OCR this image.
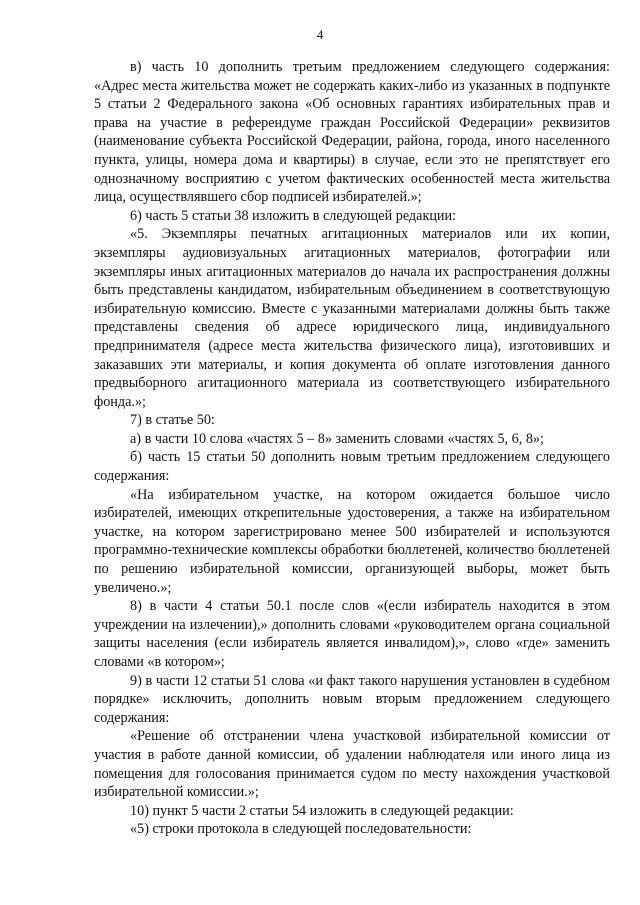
4

в) часть 10 дополнить третьим предложением следующего содержания: «Адрес места жительства может не содержать каких-либо из указанных в подпункте 5 статьи 2 Федерального закона «Об основных гарантиях избирательных прав и права на участие в референдуме граждан Российской Федерации» реквизитов (наименование субъекта Российской Федерации, района, города, иного населенного пункта, улицы, номера дома и квартиры) в случае, если это не препятствует его однозначному восприятию с учетом фактических особенностей места жительства лица, осуществлявшего сбор подписей избирателей.»;

6) часть 5 статьи 38 изложить в следующей редакции:

«5. Экземпляры печатных агитационных материалов или их копии, экземпляры аудиовизуальных агитационных материалов, фотографии или экземпляры иных агитационных материалов до начала их распространения должны быть представлены кандидатом, избирательным объединением в соответствующую избирательную комиссию. Вместе с указанными материалами должны быть также представлены сведения об адресе юридического лица, индивидуального предпринимателя (адресе места жительства физического лица), изготовивших и заказавших эти материалы, и копия документа об оплате изготовления данного предвыборного агитационного материала из соответствующего избирательного фонда.»;

7) в статье 50:

а) в части 10 слова «частях 5 – 8» заменить словами «частях 5, 6, 8»;

б) часть 15 статьи 50 дополнить новым третьим предложением следующего содержания:

«На избирательном участке, на котором ожидается большое число избирателей, имеющих открепительные удостоверения, а также на избирательном участке, на котором зарегистрировано менее 500 избирателей и используются программно-технические комплексы обработки бюллетеней, количество бюллетеней по решению избирательной комиссии, организующей выборы, может быть увеличено.»;

8) в части 4 статьи 50.1 после слов «(если избиратель находится в этом учреждении на излечении),» дополнить словами «руководителем органа социальной защиты населения (если избиратель является инвалидом),», слово «где» заменить словами «в котором»;

9) в части 12 статьи 51 слова «и факт такого нарушения установлен в судебном порядке» исключить, дополнить новым вторым предложением следующего содержания:

«Решение об отстранении члена участковой избирательной комиссии от участия в работе данной комиссии, об удалении наблюдателя или иного лица из помещения для голосования принимается судом по месту нахождения участковой избирательной комиссии.»;

10) пункт 5 части 2 статьи 54 изложить в следующей редакции:

«5) строки протокола в следующей последовательности:
